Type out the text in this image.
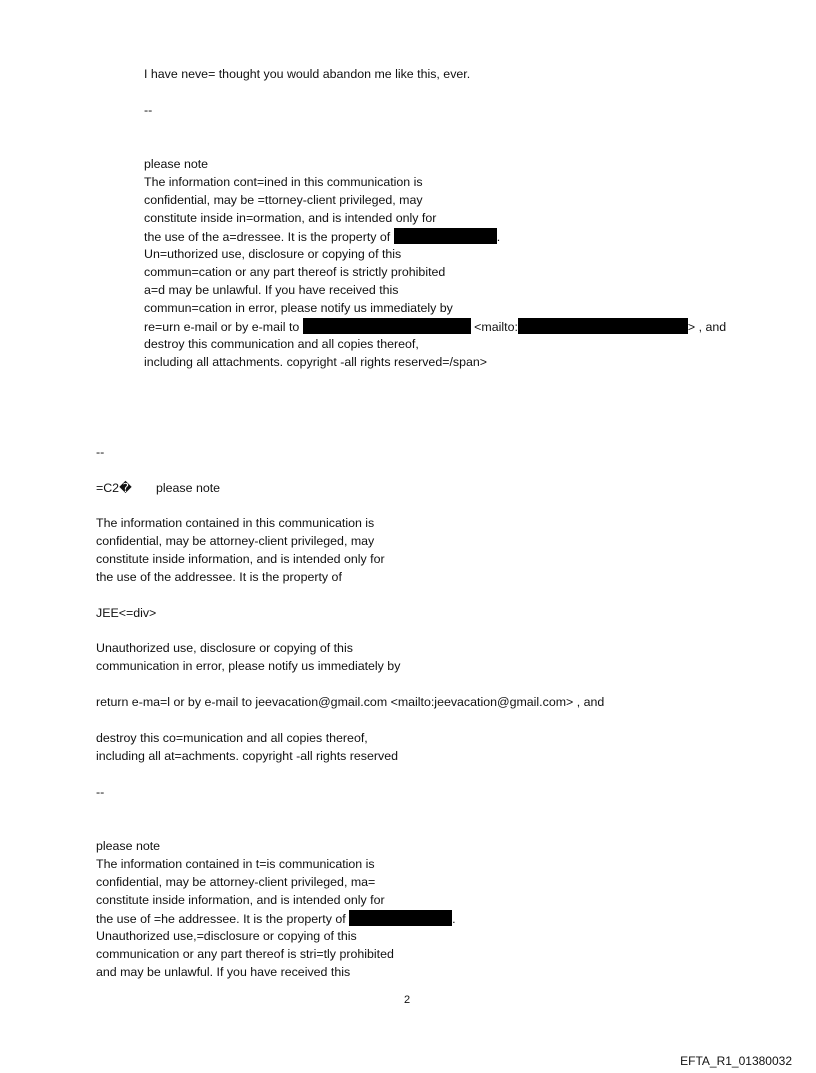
I have neve= thought you would abandon me like this, ever.
--
please note
The information cont=ined in this communication is
confidential, may be =ttorney-client privileged, may
constitute inside in=ormation, and is intended only for
the use of the a=dressee. It is the property of	.
Un=uthorized use, disclosure or copying of this
commun=cation or any part thereof is strictly prohibited
a=d may be unlawful. If you have received this
commun=cation in error, please notify us immediately by
re=urn e-mail or by e-mail to	<mailto:	> , and
destroy this communication and all copies thereof,
including all attachments. copyright -all rights reserved=/span>
--
=C2� please note
The information contained in this communication is
confidential, may be attorney-client privileged, may
constitute inside information, and is intended only for
the use of the addressee. It is the property of
JEE<=div>
Unauthorized use, disclosure or copying of this
communication in error, please notify us immediately by
return e-ma=l or by e-mail to jeevacation@gmail.com <mailto:jeevacation@gmail.com> , and
destroy this co=munication and all copies thereof,
including all at=achments. copyright -all rights reserved
--
please note
The information contained in t=is communication is
confidential, may be attorney-client privileged, ma=
constitute inside information, and is intended only for
the use of =he addressee. It is the property of	.
Unauthorized use,=disclosure or copying of this
communication or any part thereof is stri=tly prohibited
and may be unlawful. If you have received this
2
EFTA_R1_01380032
